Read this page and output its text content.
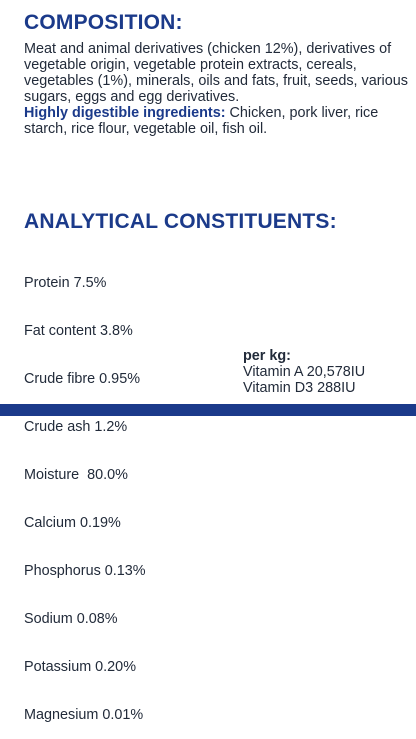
COMPOSITION:

Meat and animal derivatives (chicken 12%), derivatives of vegetable origin, vegetable protein extracts, cereals, vegetables (1%), minerals, oils and fats, fruit, seeds, various sugars, eggs and egg derivatives.

Highly digestible ingredients: Chicken, pork liver, rice starch, rice flour, vegetable oil, fish oil.

ANALYTICAL CONSTITUENTS:

Protein 7.5%

Fat content 3.8%

Crude fibre 0.95%

Crude ash 1.2%

Moisture  80.0%

Calcium 0.19%

Phosphorus 0.13%

Sodium 0.08%

Potassium 0.20%

Magnesium 0.01%

per kg:
Vitamin A 20,578IU
Vitamin D3 288IU
